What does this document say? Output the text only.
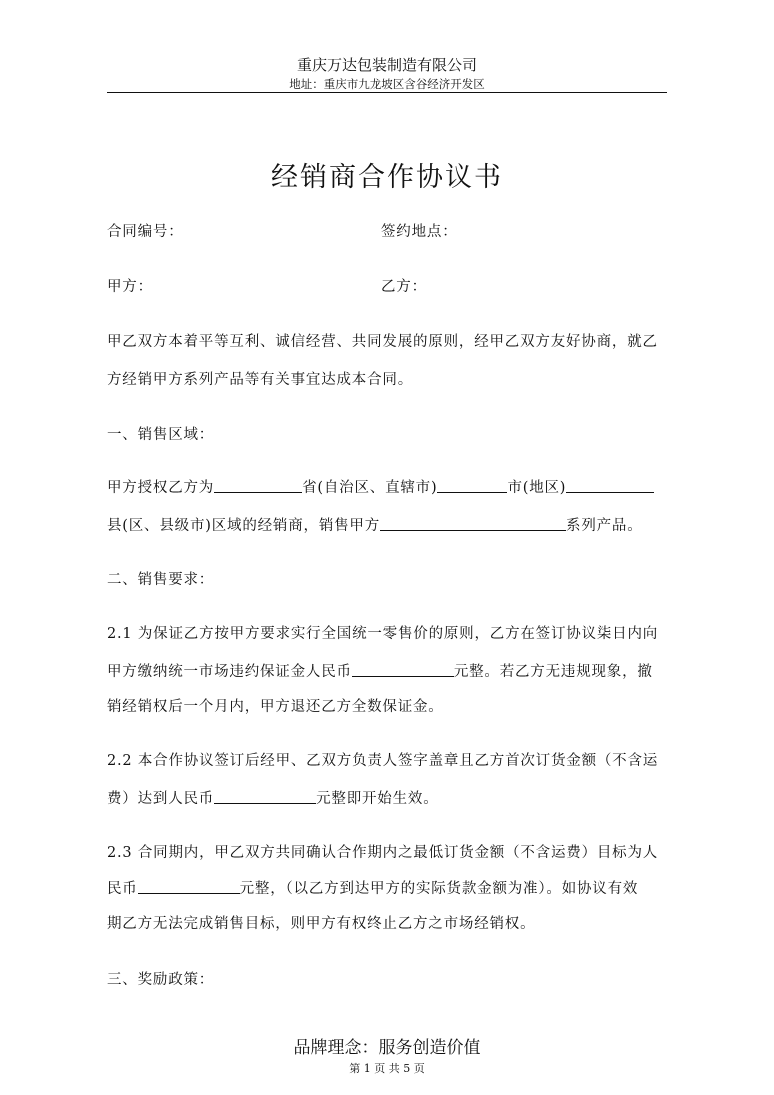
重庆万达包装制造有限公司
地址：重庆市九龙坡区含谷经济开发区
经销商合作协议书
合同编号：	签约地点：
甲方：	乙方：
甲乙双方本着平等互利、诚信经营、共同发展的原则，经甲乙双方友好协商，就乙
方经销甲方系列产品等有关事宜达成本合同。
一、销售区域：
甲方授权乙方为	省(自治区、直辖市)	市(地区)
县(区、县级市)区域的经销商，销售甲方	系列产品。
二、销售要求：
2.1 为保证乙方按甲方要求实行全国统一零售价的原则，乙方在签订协议柒日内向
甲方缴纳统一市场违约保证金人民币	元整。若乙方无违规现象，撤
销经销权后一个月内，甲方退还乙方全数保证金。
2.2 本合作协议签订后经甲、乙双方负责人签字盖章且乙方首次订货金额（不含运
费）达到人民币	元整即开始生效。
2.3 合同期内，甲乙双方共同确认合作期内之最低订货金额（不含运费）目标为人
民币	元整，（以乙方到达甲方的实际货款金额为准）。如协议有效
期乙方无法完成销售目标，则甲方有权终止乙方之市场经销权。
三、奖励政策：
品牌理念：服务创造价值
第 1 页 共 5 页
